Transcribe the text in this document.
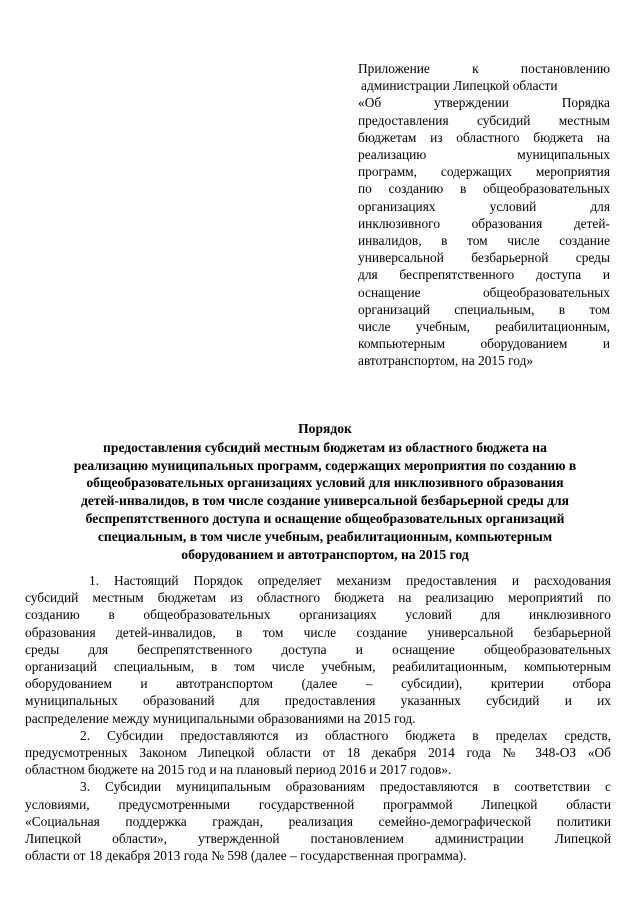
Приложение к постановлению
администрации Липецкой области
«Об утверждении Порядка
предоставления субсидий местным
бюджетам из областного бюджета на
реализацию муниципальных
программ, содержащих мероприятия
по созданию в общеобразовательных
организациях условий для
инклюзивного образования детей-
инвалидов, в том числе создание
универсальной безбарьерной среды
для беспрепятственного доступа и
оснащение общеобразовательных
организаций специальным, в том
числе учебным, реабилитационным,
компьютерным оборудованием и
автотранспортом, на 2015 год»
Порядок
предоставления субсидий местным бюджетам из областного бюджета на
реализацию муниципальных программ, содержащих мероприятия по созданию в
общеобразовательных организациях условий для инклюзивного образования
детей-инвалидов, в том числе создание универсальной безбарьерной среды для
беспрепятственного доступа и оснащение общеобразовательных организаций
специальным, в том числе учебным, реабилитационным, компьютерным
оборудованием и автотранспортом, на 2015 год
1. Настоящий Порядок определяет механизм предоставления и расходования
субсидий местным бюджетам из областного бюджета на реализацию мероприятий по
созданию в общеобразовательных организациях условий для инклюзивного
образования детей-инвалидов, в том числе создание универсальной безбарьерной
среды для беспрепятственного доступа и оснащение общеобразовательных
организаций специальным, в том числе учебным, реабилитационным, компьютерным
оборудованием и автотранспортом (далее – субсидии), критерии отбора
муниципальных образований для предоставления указанных субсидий и их
распределение между муниципальными образованиями на 2015 год.
2. Субсидии предоставляются из областного бюджета в пределах средств,
предусмотренных Законом Липецкой области от 18 декабря 2014 года № 348-ОЗ «Об
областном бюджете на 2015 год и на плановый период 2016 и 2017 годов».
3. Субсидии муниципальным образованиям предоставляются в соответствии с
условиями, предусмотренными государственной программой Липецкой области
«Социальная поддержка граждан, реализация семейно-демографической политики
Липецкой области», утвержденной постановлением администрации Липецкой
области от 18 декабря 2013 года № 598 (далее – государственная программа).
